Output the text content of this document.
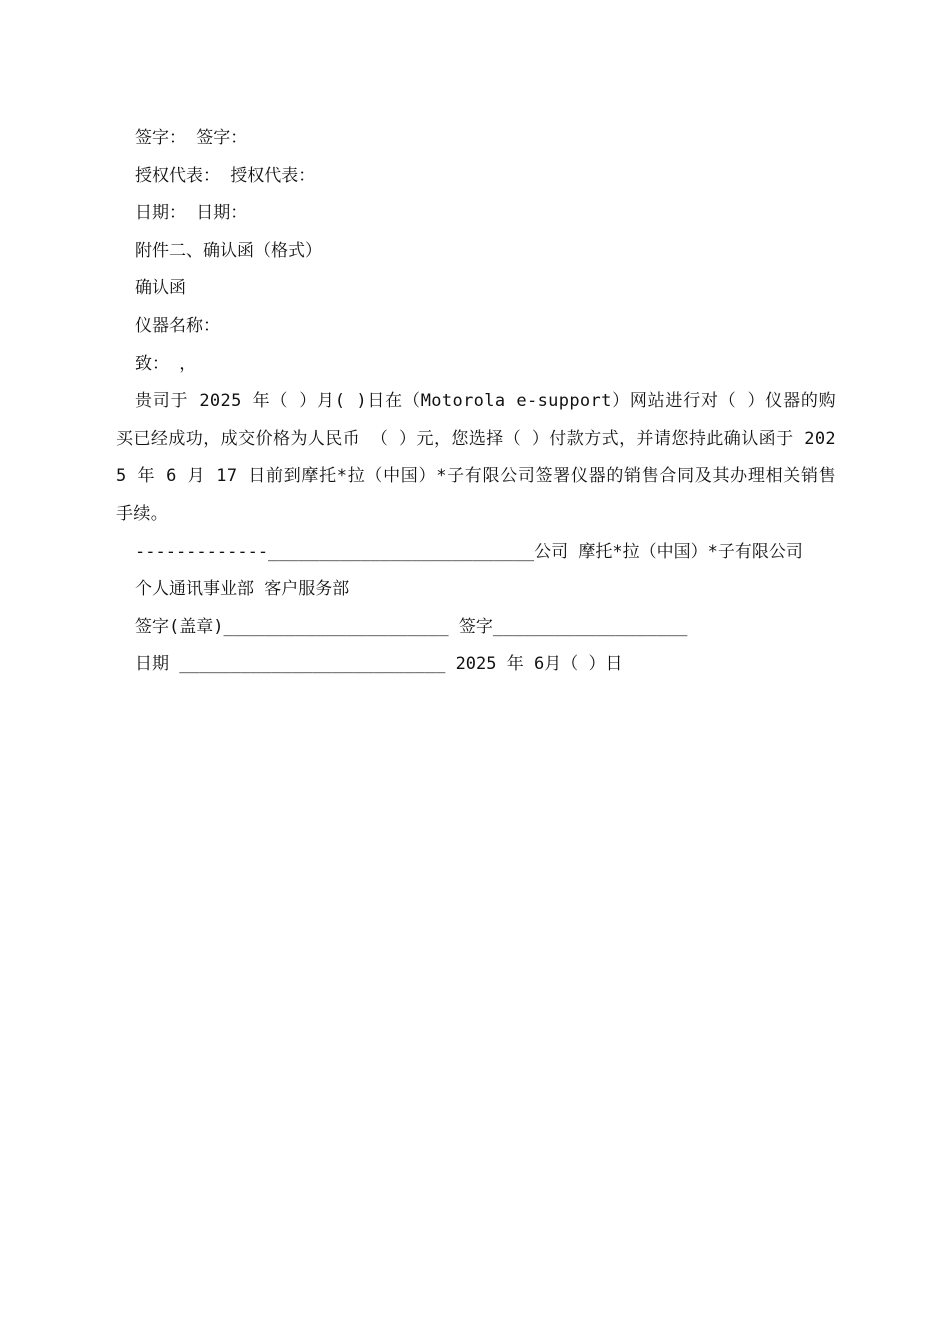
签字： 签字：

授权代表： 授权代表：

日期： 日期：

附件二、确认函（格式）

确认函

仪器名称：

致： ，

贵司于 2025 年（ ）月( )日在（Motorola e-support）网站进行对（ ）仪器的购买已经成功，成交价格为人民币 （ ）元，您选择（ ）付款方式，并请您持此确认函于 2025 年 6 月 17 日前到摩托*拉（中国）*子有限公司签署仪器的销售合同及其办理相关销售手续。

-------------__________________________公司 摩托*拉（中国）*子有限公司

个人通讯事业部 客户服务部

签字(盖章)______________________ 签字___________________

日期 __________________________ 2025 年 6月（ ）日
